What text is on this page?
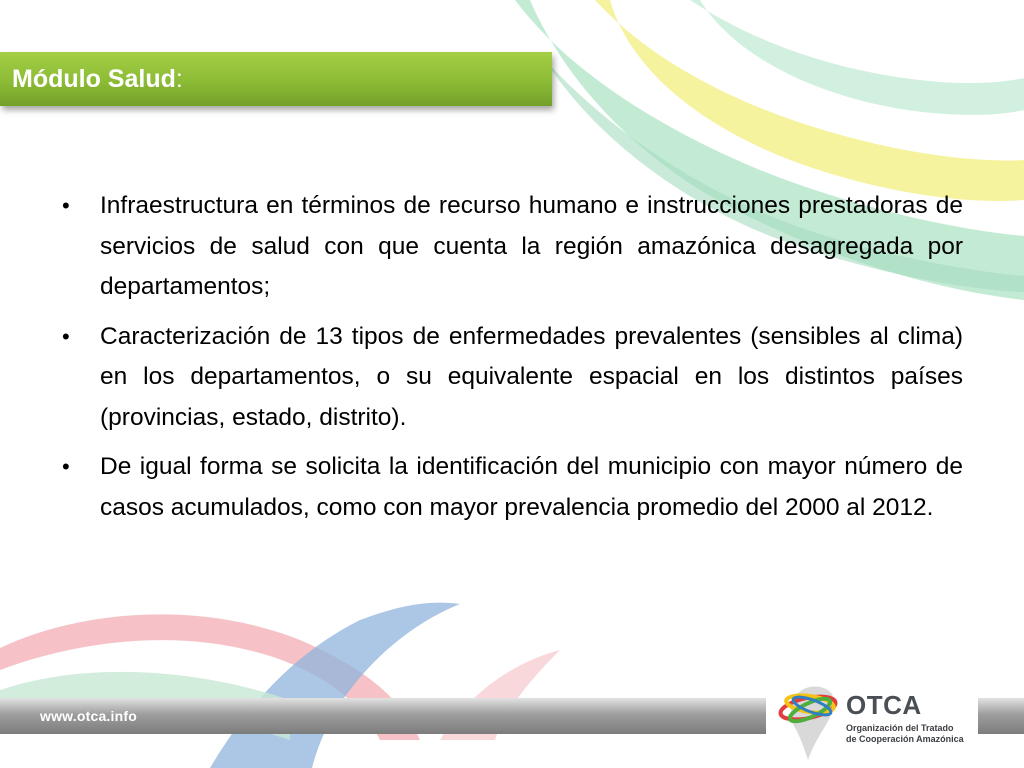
Módulo Salud:
• Infraestructura en términos de recurso humano e instrucciones prestadoras de servicios de salud con que cuenta la región amazónica desagregada por departamentos;
• Caracterización de 13 tipos de enfermedades prevalentes (sensibles al clima) en los departamentos, o su equivalente espacial en los distintos países (provincias, estado, distrito).
• De igual forma se solicita la identificación del municipio con mayor número de casos acumulados, como con mayor prevalencia promedio del 2000 al 2012.
www.otca.info	OTCA
Organización del Tratado
de Cooperación Amazónica
